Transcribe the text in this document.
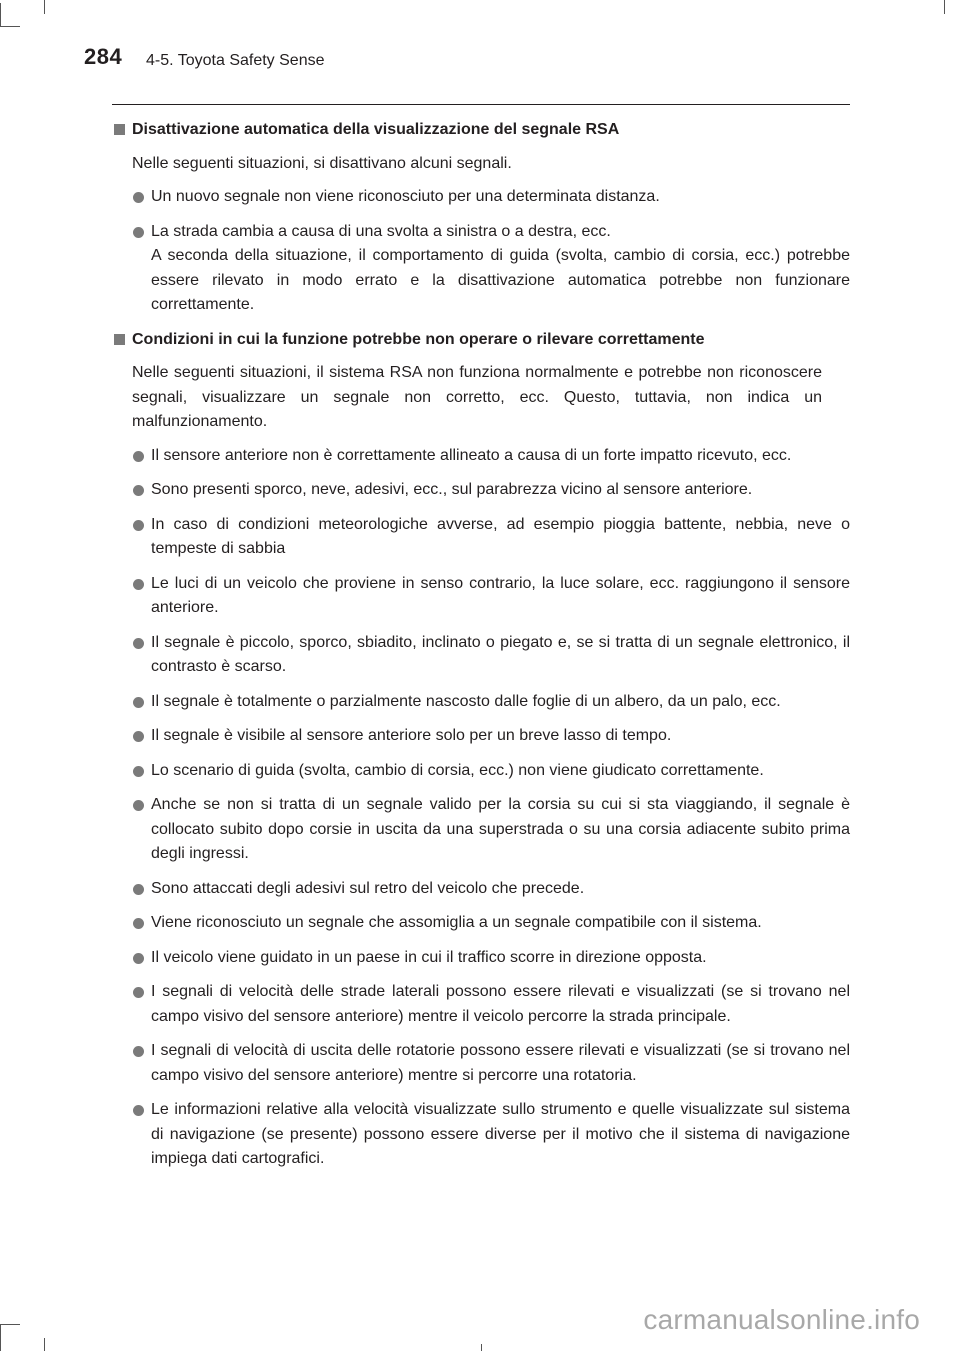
284 4-5. Toyota Safety Sense
Disattivazione automatica della visualizzazione del segnale RSA
Nelle seguenti situazioni, si disattivano alcuni segnali.
Un nuovo segnale non viene riconosciuto per una determinata distanza.
La strada cambia a causa di una svolta a sinistra o a destra, ecc.
A seconda della situazione, il comportamento di guida (svolta, cambio di corsia, ecc.) potrebbe essere rilevato in modo errato e la disattivazione automatica potrebbe non funzionare correttamente.
Condizioni in cui la funzione potrebbe non operare o rilevare correttamente
Nelle seguenti situazioni, il sistema RSA non funziona normalmente e potrebbe non riconoscere segnali, visualizzare un segnale non corretto, ecc. Questo, tuttavia, non indica un malfunzionamento.
Il sensore anteriore non è correttamente allineato a causa di un forte impatto ricevuto, ecc.
Sono presenti sporco, neve, adesivi, ecc., sul parabrezza vicino al sensore anteriore.
In caso di condizioni meteorologiche avverse, ad esempio pioggia battente, nebbia, neve o tempeste di sabbia
Le luci di un veicolo che proviene in senso contrario, la luce solare, ecc. raggiungono il sensore anteriore.
Il segnale è piccolo, sporco, sbiadito, inclinato o piegato e, se si tratta di un segnale elettronico, il contrasto è scarso.
Il segnale è totalmente o parzialmente nascosto dalle foglie di un albero, da un palo, ecc.
Il segnale è visibile al sensore anteriore solo per un breve lasso di tempo.
Lo scenario di guida (svolta, cambio di corsia, ecc.) non viene giudicato correttamente.
Anche se non si tratta di un segnale valido per la corsia su cui si sta viaggiando, il segnale è collocato subito dopo corsie in uscita da una superstrada o su una corsia adiacente subito prima degli ingressi.
Sono attaccati degli adesivi sul retro del veicolo che precede.
Viene riconosciuto un segnale che assomiglia a un segnale compatibile con il sistema.
Il veicolo viene guidato in un paese in cui il traffico scorre in direzione opposta.
I segnali di velocità delle strade laterali possono essere rilevati e visualizzati (se si trovano nel campo visivo del sensore anteriore) mentre il veicolo percorre la strada principale.
I segnali di velocità di uscita delle rotatorie possono essere rilevati e visualizzati (se si trovano nel campo visivo del sensore anteriore) mentre si percorre una rotatoria.
Le informazioni relative alla velocità visualizzate sullo strumento e quelle visualizzate sul sistema di navigazione (se presente) possono essere diverse per il motivo che il sistema di navigazione impiega dati cartografici.
carmanualsonline.info
